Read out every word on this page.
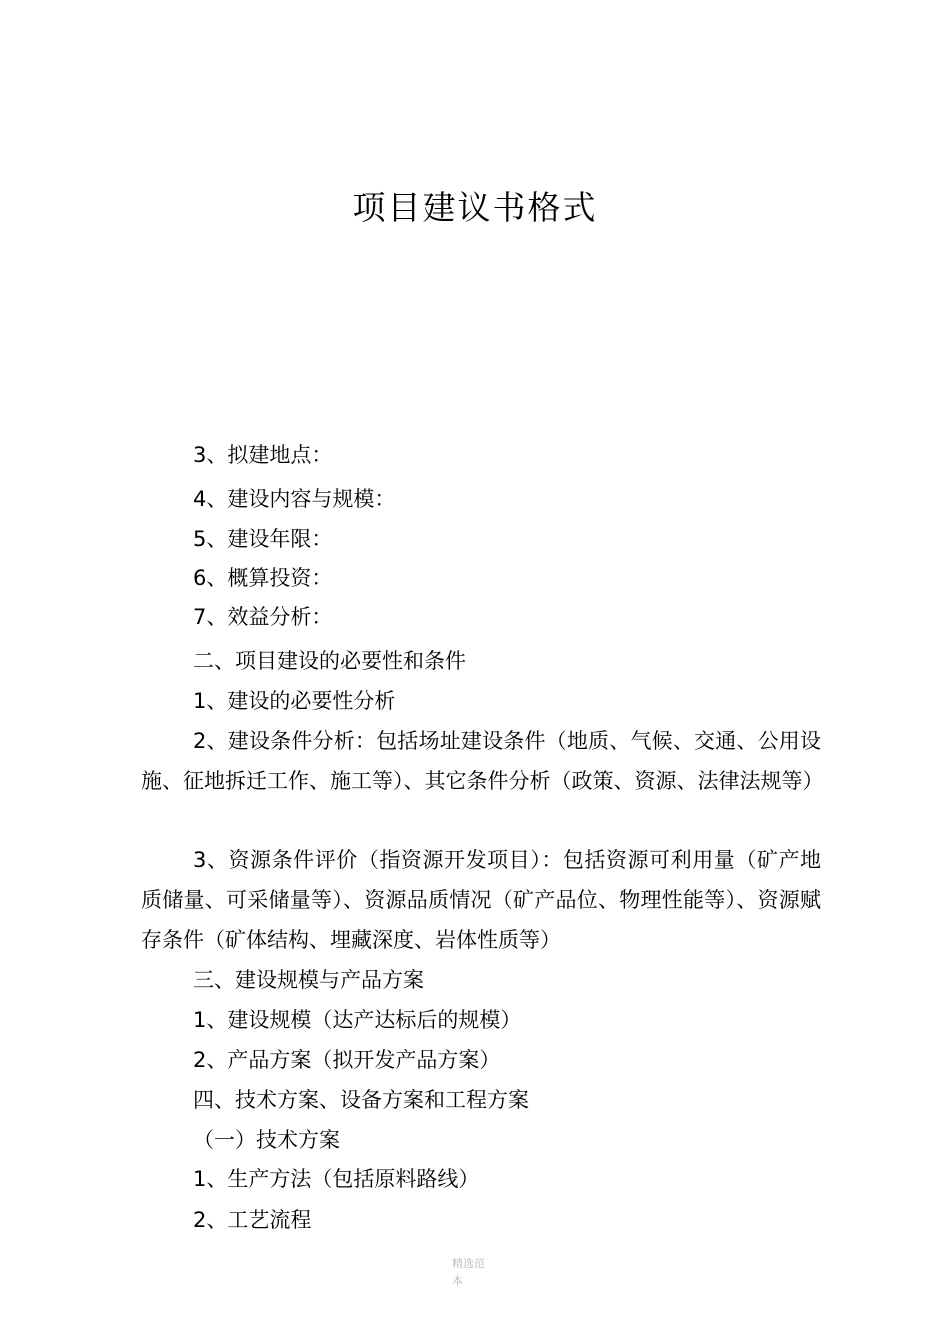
项目建议书格式
3、拟建地点：
4、建设内容与规模：
5、建设年限：
6、概算投资：
7、效益分析：
二、项目建设的必要性和条件
1、建设的必要性分析
2、建设条件分析：包括场址建设条件（地质、气候、交通、公用设施、征地拆迁工作、施工等）、其它条件分析（政策、资源、法律法规等）
3、资源条件评价（指资源开发项目）：包括资源可利用量（矿产地质储量、可采储量等）、资源品质情况（矿产品位、物理性能等）、资源赋存条件（矿体结构、埋藏深度、岩体性质等）
三、建设规模与产品方案
1、建设规模（达产达标后的规模）
2、产品方案（拟开发产品方案）
四、技术方案、设备方案和工程方案
（一）技术方案
1、生产方法（包括原料路线）
2、工艺流程
精选范
本
